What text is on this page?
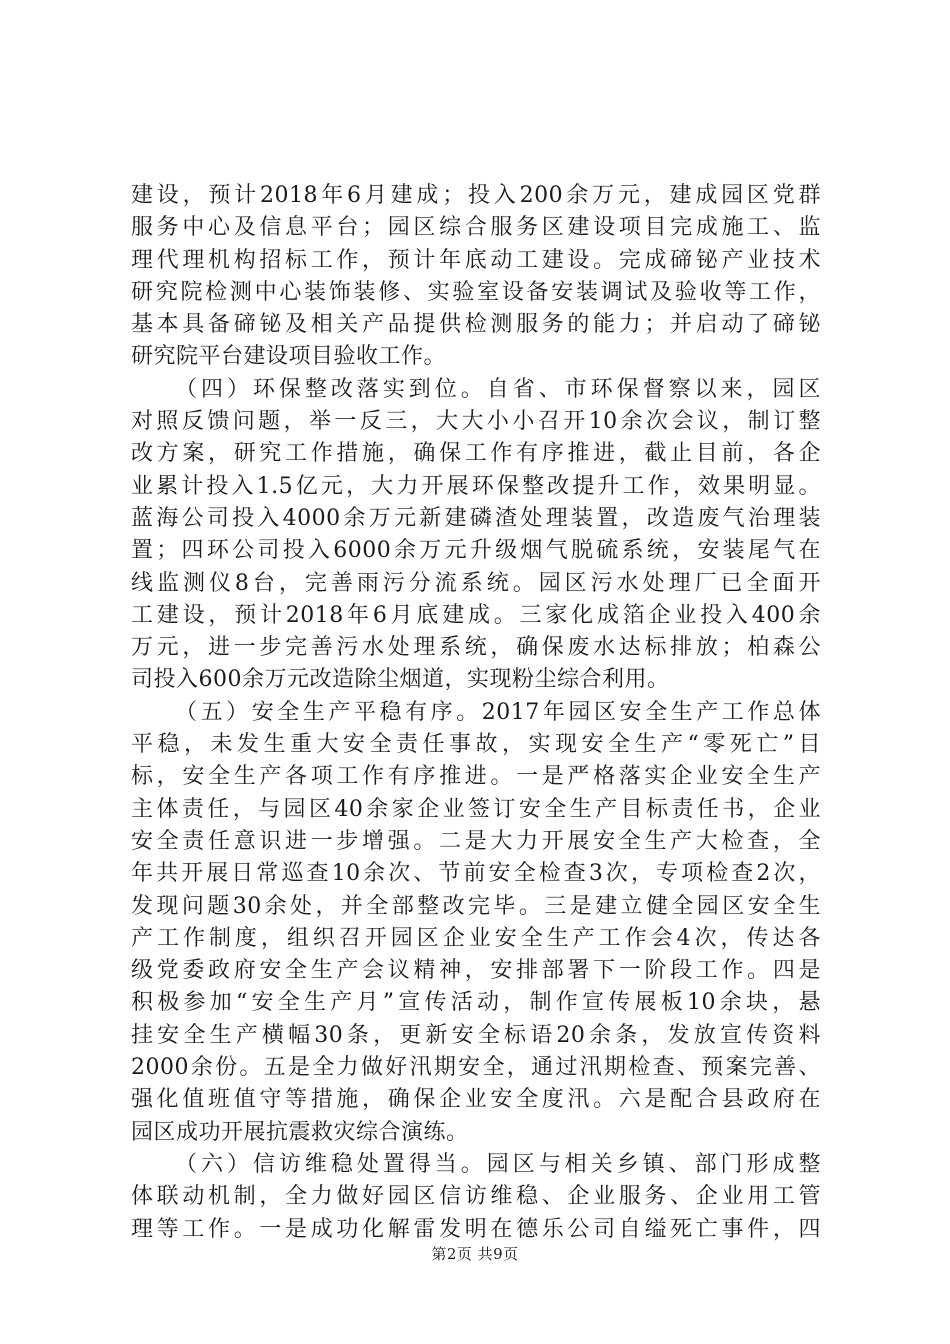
建设，预计2018年6月建成；投入200余万元，建成园区党群
服务中心及信息平台；园区综合服务区建设项目完成施工、监
理代理机构招标工作，预计年底动工建设。完成碲铋产业技术
研究院检测中心装饰装修、实验室设备安装调试及验收等工作，
基本具备碲铋及相关产品提供检测服务的能力；并启动了碲铋
研究院平台建设项目验收工作。
（四）环保整改落实到位。自省、市环保督察以来，园区
对照反馈问题，举一反三，大大小小召开10余次会议，制订整
改方案，研究工作措施，确保工作有序推进，截止目前，各企
业累计投入1.5亿元，大力开展环保整改提升工作，效果明显。
蓝海公司投入4000余万元新建磷渣处理装置，改造废气治理装
置；四环公司投入6000余万元升级烟气脱硫系统，安装尾气在
线监测仪8台，完善雨污分流系统。园区污水处理厂已全面开
工建设，预计2018年6月底建成。三家化成箔企业投入400余
万元，进一步完善污水处理系统，确保废水达标排放；柏森公
司投入600余万元改造除尘烟道，实现粉尘综合利用。
（五）安全生产平稳有序。2017年园区安全生产工作总体
平稳，未发生重大安全责任事故，实现安全生产“零死亡”目
标，安全生产各项工作有序推进。一是严格落实企业安全生产
主体责任，与园区40余家企业签订安全生产目标责任书，企业
安全责任意识进一步增强。二是大力开展安全生产大检查，全
年共开展日常巡查10余次、节前安全检查3次，专项检查2次，
发现问题30余处，并全部整改完毕。三是建立健全园区安全生
产工作制度，组织召开园区企业安全生产工作会4次，传达各
级党委政府安全生产会议精神，安排部署下一阶段工作。四是
积极参加“安全生产月”宣传活动，制作宣传展板10余块，悬
挂安全生产横幅30条，更新安全标语20余条，发放宣传资料
2000余份。五是全力做好汛期安全，通过汛期检查、预案完善、
强化值班值守等措施，确保企业安全度汛。六是配合县政府在
园区成功开展抗震救灾综合演练。
（六）信访维稳处置得当。园区与相关乡镇、部门形成整
体联动机制，全力做好园区信访维稳、企业服务、企业用工管
理等工作。一是成功化解雷发明在德乐公司自缢死亡事件，四
第2页 共9页
